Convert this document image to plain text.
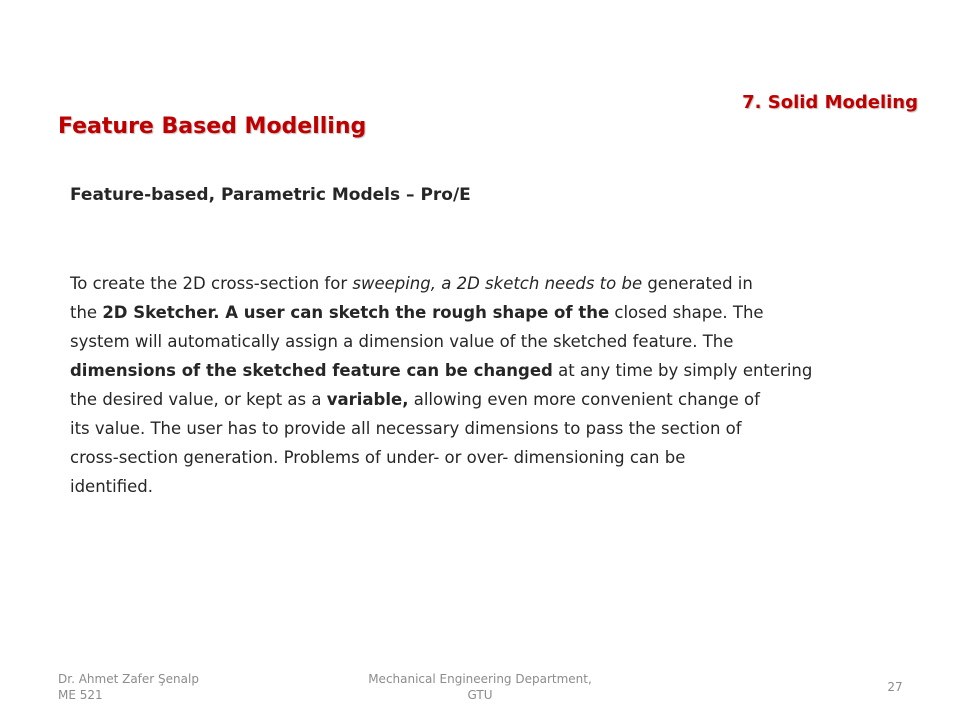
7. Solid Modeling
Feature Based Modelling
Feature-based, Parametric Models – Pro/E

To create the 2D cross-section for sweeping, a 2D sketch needs to be generated in
the 2D Sketcher. A user can sketch the rough shape of the closed shape. The
system will automatically assign a dimension value of the sketched feature. The
dimensions of the sketched feature can be changed at any time by simply entering
the desired value, or kept as a variable, allowing even more convenient change of
its value. The user has to provide all necessary dimensions to pass the section of
cross-section generation. Problems of under- or over- dimensioning can be
identified.

Dr. Ahmet Zafer Şenalp
ME 521
Mechanical Engineering Department,
GTU
27
